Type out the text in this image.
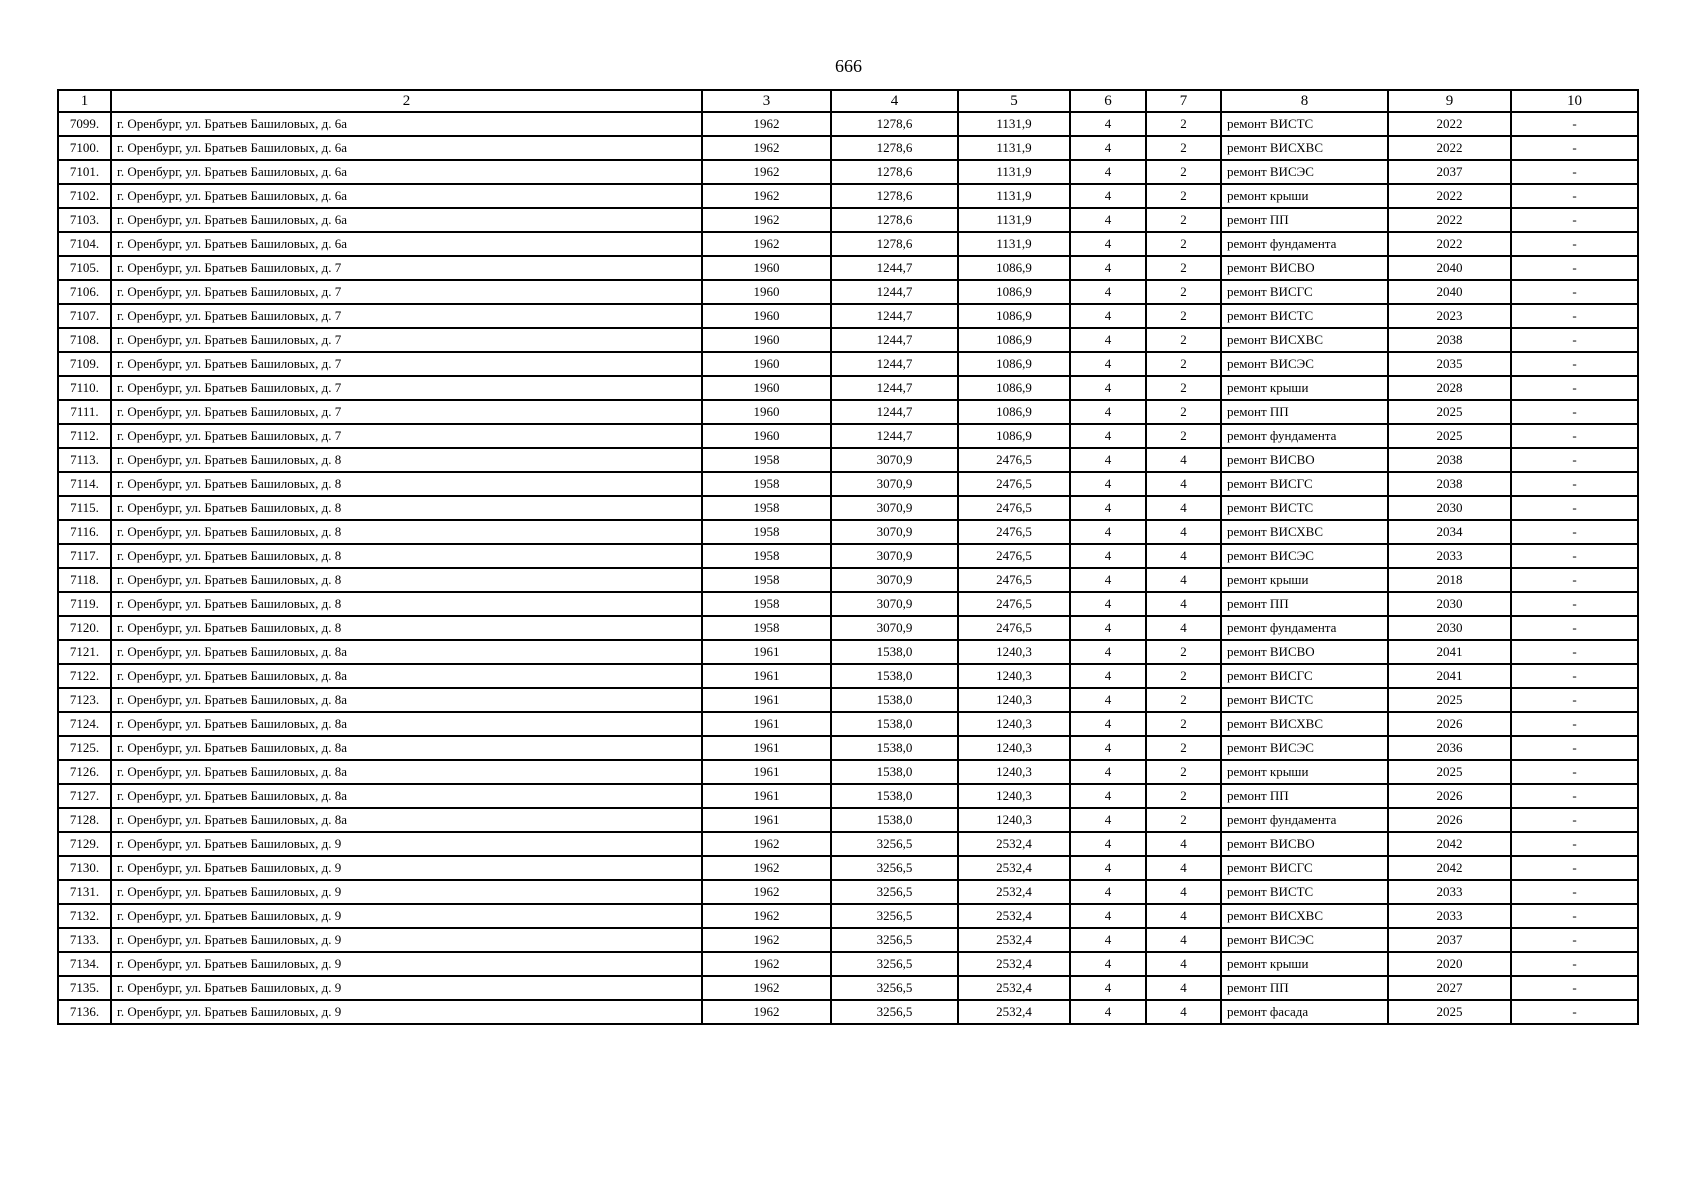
666
1	2	3	4	5	6	7	8	9	10
7099.	г. Оренбург, ул. Братьев Башиловых, д. 6а	1962	1278,6	1131,9	4	2	ремонт ВИСТС	2022	-
7100.	г. Оренбург, ул. Братьев Башиловых, д. 6а	1962	1278,6	1131,9	4	2	ремонт ВИСХВС	2022	-
7101.	г. Оренбург, ул. Братьев Башиловых, д. 6а	1962	1278,6	1131,9	4	2	ремонт ВИСЭС	2037	-
7102.	г. Оренбург, ул. Братьев Башиловых, д. 6а	1962	1278,6	1131,9	4	2	ремонт крыши	2022	-
7103.	г. Оренбург, ул. Братьев Башиловых, д. 6а	1962	1278,6	1131,9	4	2	ремонт ПП	2022	-
7104.	г. Оренбург, ул. Братьев Башиловых, д. 6а	1962	1278,6	1131,9	4	2	ремонт фундамента	2022	-
7105.	г. Оренбург, ул. Братьев Башиловых, д. 7	1960	1244,7	1086,9	4	2	ремонт ВИСВО	2040	-
7106.	г. Оренбург, ул. Братьев Башиловых, д. 7	1960	1244,7	1086,9	4	2	ремонт ВИСГС	2040	-
7107.	г. Оренбург, ул. Братьев Башиловых, д. 7	1960	1244,7	1086,9	4	2	ремонт ВИСТС	2023	-
7108.	г. Оренбург, ул. Братьев Башиловых, д. 7	1960	1244,7	1086,9	4	2	ремонт ВИСХВС	2038	-
7109.	г. Оренбург, ул. Братьев Башиловых, д. 7	1960	1244,7	1086,9	4	2	ремонт ВИСЭС	2035	-
7110.	г. Оренбург, ул. Братьев Башиловых, д. 7	1960	1244,7	1086,9	4	2	ремонт крыши	2028	-
7111.	г. Оренбург, ул. Братьев Башиловых, д. 7	1960	1244,7	1086,9	4	2	ремонт ПП	2025	-
7112.	г. Оренбург, ул. Братьев Башиловых, д. 7	1960	1244,7	1086,9	4	2	ремонт фундамента	2025	-
7113.	г. Оренбург, ул. Братьев Башиловых, д. 8	1958	3070,9	2476,5	4	4	ремонт ВИСВО	2038	-
7114.	г. Оренбург, ул. Братьев Башиловых, д. 8	1958	3070,9	2476,5	4	4	ремонт ВИСГС	2038	-
7115.	г. Оренбург, ул. Братьев Башиловых, д. 8	1958	3070,9	2476,5	4	4	ремонт ВИСТС	2030	-
7116.	г. Оренбург, ул. Братьев Башиловых, д. 8	1958	3070,9	2476,5	4	4	ремонт ВИСХВС	2034	-
7117.	г. Оренбург, ул. Братьев Башиловых, д. 8	1958	3070,9	2476,5	4	4	ремонт ВИСЭС	2033	-
7118.	г. Оренбург, ул. Братьев Башиловых, д. 8	1958	3070,9	2476,5	4	4	ремонт крыши	2018	-
7119.	г. Оренбург, ул. Братьев Башиловых, д. 8	1958	3070,9	2476,5	4	4	ремонт ПП	2030	-
7120.	г. Оренбург, ул. Братьев Башиловых, д. 8	1958	3070,9	2476,5	4	4	ремонт фундамента	2030	-
7121.	г. Оренбург, ул. Братьев Башиловых, д. 8а	1961	1538,0	1240,3	4	2	ремонт ВИСВО	2041	-
7122.	г. Оренбург, ул. Братьев Башиловых, д. 8а	1961	1538,0	1240,3	4	2	ремонт ВИСГС	2041	-
7123.	г. Оренбург, ул. Братьев Башиловых, д. 8а	1961	1538,0	1240,3	4	2	ремонт ВИСТС	2025	-
7124.	г. Оренбург, ул. Братьев Башиловых, д. 8а	1961	1538,0	1240,3	4	2	ремонт ВИСХВС	2026	-
7125.	г. Оренбург, ул. Братьев Башиловых, д. 8а	1961	1538,0	1240,3	4	2	ремонт ВИСЭС	2036	-
7126.	г. Оренбург, ул. Братьев Башиловых, д. 8а	1961	1538,0	1240,3	4	2	ремонт крыши	2025	-
7127.	г. Оренбург, ул. Братьев Башиловых, д. 8а	1961	1538,0	1240,3	4	2	ремонт ПП	2026	-
7128.	г. Оренбург, ул. Братьев Башиловых, д. 8а	1961	1538,0	1240,3	4	2	ремонт фундамента	2026	-
7129.	г. Оренбург, ул. Братьев Башиловых, д. 9	1962	3256,5	2532,4	4	4	ремонт ВИСВО	2042	-
7130.	г. Оренбург, ул. Братьев Башиловых, д. 9	1962	3256,5	2532,4	4	4	ремонт ВИСГС	2042	-
7131.	г. Оренбург, ул. Братьев Башиловых, д. 9	1962	3256,5	2532,4	4	4	ремонт ВИСТС	2033	-
7132.	г. Оренбург, ул. Братьев Башиловых, д. 9	1962	3256,5	2532,4	4	4	ремонт ВИСХВС	2033	-
7133.	г. Оренбург, ул. Братьев Башиловых, д. 9	1962	3256,5	2532,4	4	4	ремонт ВИСЭС	2037	-
7134.	г. Оренбург, ул. Братьев Башиловых, д. 9	1962	3256,5	2532,4	4	4	ремонт крыши	2020	-
7135.	г. Оренбург, ул. Братьев Башиловых, д. 9	1962	3256,5	2532,4	4	4	ремонт ПП	2027	-
7136.	г. Оренбург, ул. Братьев Башиловых, д. 9	1962	3256,5	2532,4	4	4	ремонт фасада	2025	-
